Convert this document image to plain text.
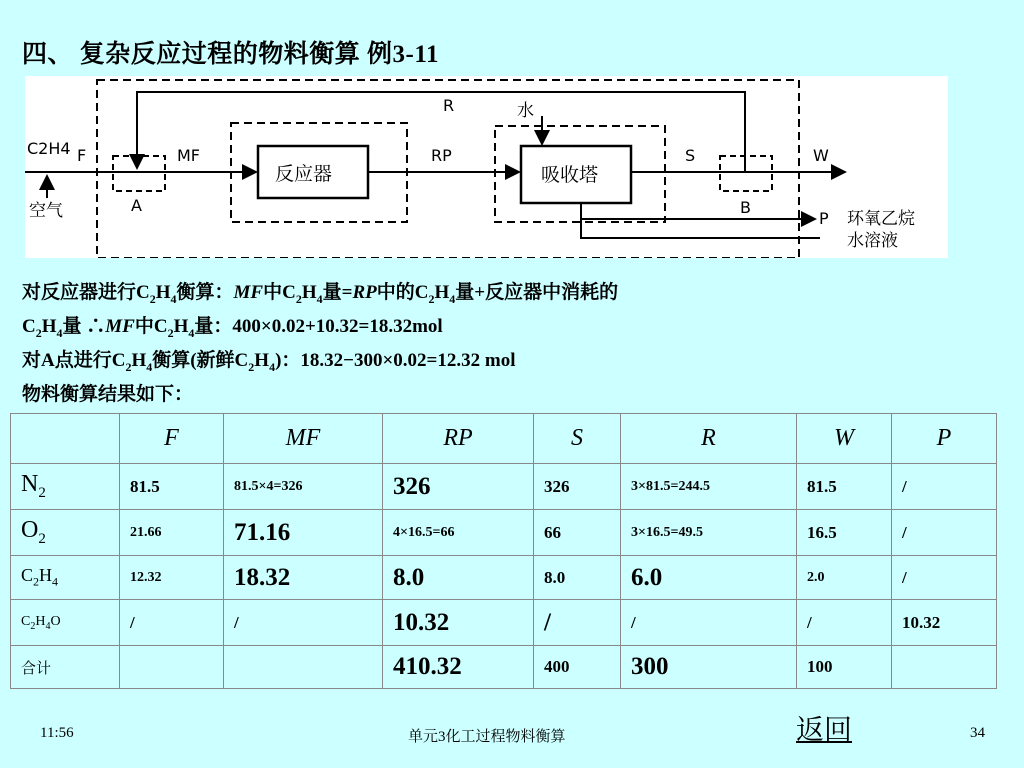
四、 复杂反应过程的物料衡算 例3-11
C2H4 F
空气	A
MF
反应器
R
RP
水
吸收塔
S
B
W
P 环氧乙烷
水溶液
对反应器进行$C_2H_4$衡算：MF中$C_2H_4$量=RP中的$C_2H_4$量+反应器中消耗的
$C_2H_4$量 ∴MF中$C_2H_4$量：400×0.02+10.32=18.32mol
对A点进行$C_2H_4$衡算(新鲜$C_2H_4$)：18.32−300×0.02=12.32 mol
物料衡算结果如下：
	F	MF	RP	S	R	W	P
$N_2$	81.5	81.5×4=326	326	326	3×81.5=244.5	81.5	/
$O_2$	21.66	71.16	4×16.5=66	66	3×16.5=49.5	16.5	/
$C_2H_4$	12.32	18.32	8.0	8.0	6.0	2.0	/
$C_2H_4O$	/	/	10.32	/	/	/	10.32
合计			410.32	400	300	100	
11:56	单元3化工过程物料衡算	返回	34
